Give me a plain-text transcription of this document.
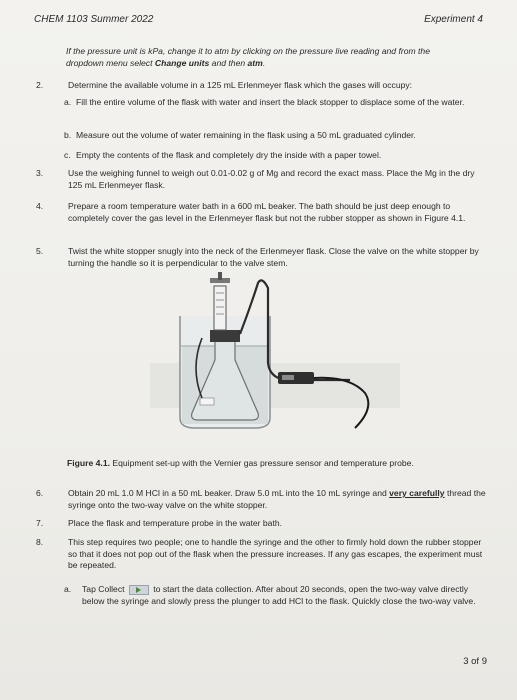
CHEM 1103 Summer 2022	Experiment 4
If the pressure unit is kPa, change it to atm by clicking on the pressure live reading and from the
dropdown menu select Change units and then atm.
2.	Determine the available volume in a 125 mL Erlenmeyer flask which the gases will occupy:
a. Fill the entire volume of the flask with water and insert the black stopper to displace some of the water.
b. Measure out the volume of water remaining in the flask using a 50 mL graduated cylinder.
c. Empty the contents of the flask and completely dry the inside with a paper towel.
3.	Use the weighing funnel to weigh out 0.01-0.02 g of Mg and record the exact mass. Place the Mg in the dry 125 mL Erlenmeyer flask.
4.	Prepare a room temperature water bath in a 600 mL beaker. The bath should be just deep enough to completely cover the gas level in the Erlenmeyer flask but not the rubber stopper as shown in Figure 4.1.
5.	Twist the white stopper snugly into the neck of the Erlenmeyer flask. Close the valve on the white stopper by turning the handle so it is perpendicular to the valve stem.
Figure 4.1. Equipment set-up with the Vernier gas pressure sensor and temperature probe.
6.	Obtain 20 mL 1.0 M HCl in a 50 mL beaker. Draw 5.0 mL into the 10 mL syringe and very carefully thread the syringe onto the two-way valve on the white stopper.
7.	Place the flask and temperature probe in the water bath.
8.	This step requires two people; one to handle the syringe and the other to firmly hold down the rubber stopper so that it does not pop out of the flask when the pressure increases. If any gas escapes, the experiment must be repeated.
a. Tap Collect	to start the data collection. After about 20 seconds, open the two-way valve directly below the syringe and slowly press the plunger to add HCl to the flask. Quickly close the two-way valve.
3 of 9
